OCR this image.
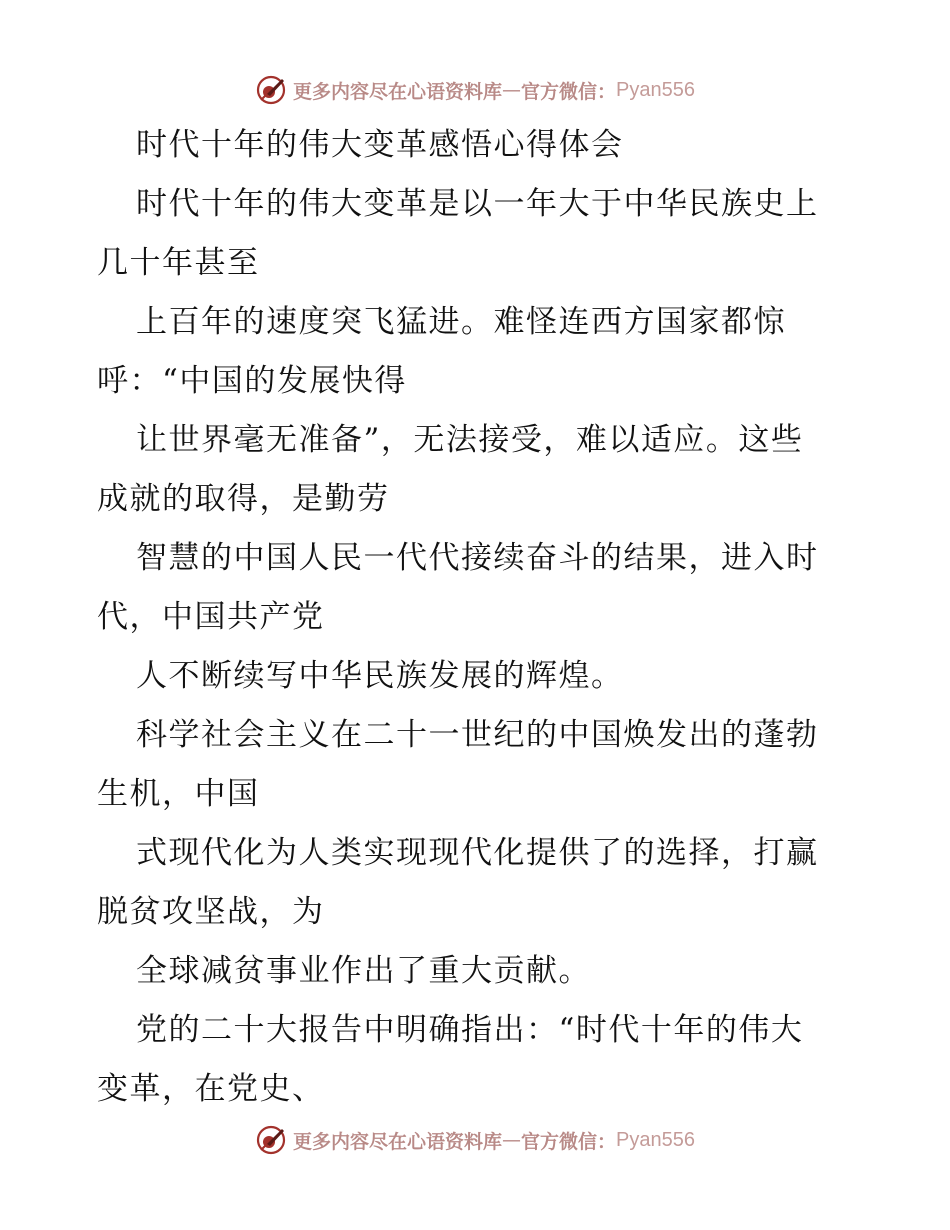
更多内容尽在心语资料库 — 官方微信： Pyan556
时代十年的伟大变革感悟心得体会
时代十年的伟大变革是以一年大于中华民族史上
几十年甚至
上百年的速度突飞猛进。难怪连西方国家都惊
呼：“中国的发展快得
让世界毫无准备”，无法接受，难以适应。这些
成就的取得，是勤劳
智慧的中国人民一代代接续奋斗的结果，进入时
代，中国共产党
人不断续写中华民族发展的辉煌。
科学社会主义在二十一世纪的中国焕发出的蓬勃
生机，中国
式现代化为人类实现现代化提供了的选择，打赢
脱贫攻坚战，为
全球减贫事业作出了重大贡献。
党的二十大报告中明确指出：“时代十年的伟大
变革，在党史、
更多内容尽在心语资料库 — 官方微信： Pyan556
